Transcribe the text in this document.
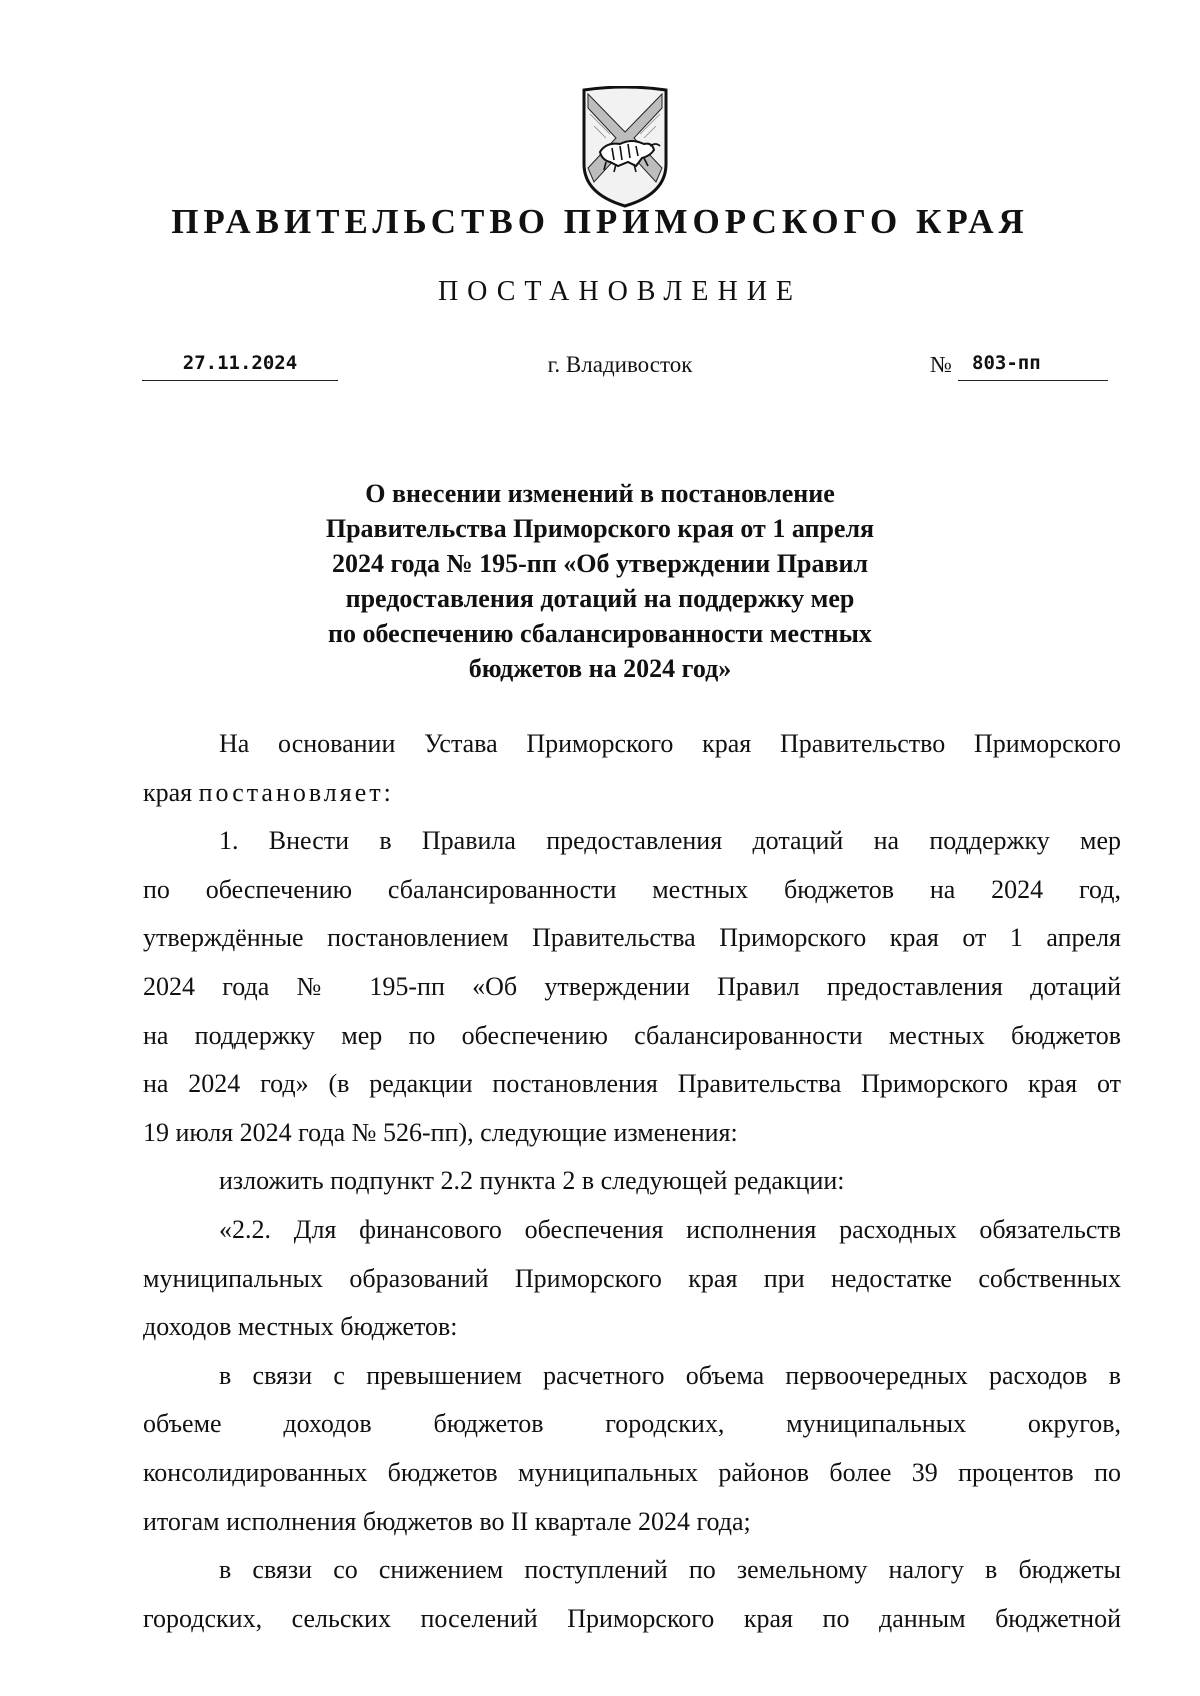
ПРАВИТЕЛЬСТВО ПРИМОРСКОГО КРАЯ
ПОСТАНОВЛЕНИЕ
27.11.2024	г. Владивосток	№	803-пп
О внесении изменений в постановление
Правительства Приморского края от 1 апреля
2024 года № 195-пп «Об утверждении Правил
предоставления дотаций на поддержку мер
по обеспечению сбалансированности местных
бюджетов на 2024 год»
На основании Устава Приморского края Правительство Приморского
края постановляет:
1. Внести в Правила предоставления дотаций на поддержку мер
по обеспечению сбалансированности местных бюджетов на 2024 год,
утверждённые постановлением Правительства Приморского края от 1 апреля
2024 года № 195-пп «Об утверждении Правил предоставления дотаций
на поддержку мер по обеспечению сбалансированности местных бюджетов
на 2024 год» (в редакции постановления Правительства Приморского края от
19 июля 2024 года № 526-пп), следующие изменения:
изложить подпункт 2.2 пункта 2 в следующей редакции:
«2.2. Для финансового обеспечения исполнения расходных обязательств
муниципальных образований Приморского края при недостатке собственных
доходов местных бюджетов:
в связи с превышением расчетного объема первоочередных расходов в
объеме доходов бюджетов городских, муниципальных округов,
консолидированных бюджетов муниципальных районов более 39 процентов по
итогам исполнения бюджетов во II квартале 2024 года;
в связи со снижением поступлений по земельному налогу в бюджеты
городских, сельских поселений Приморского края по данным бюджетной
